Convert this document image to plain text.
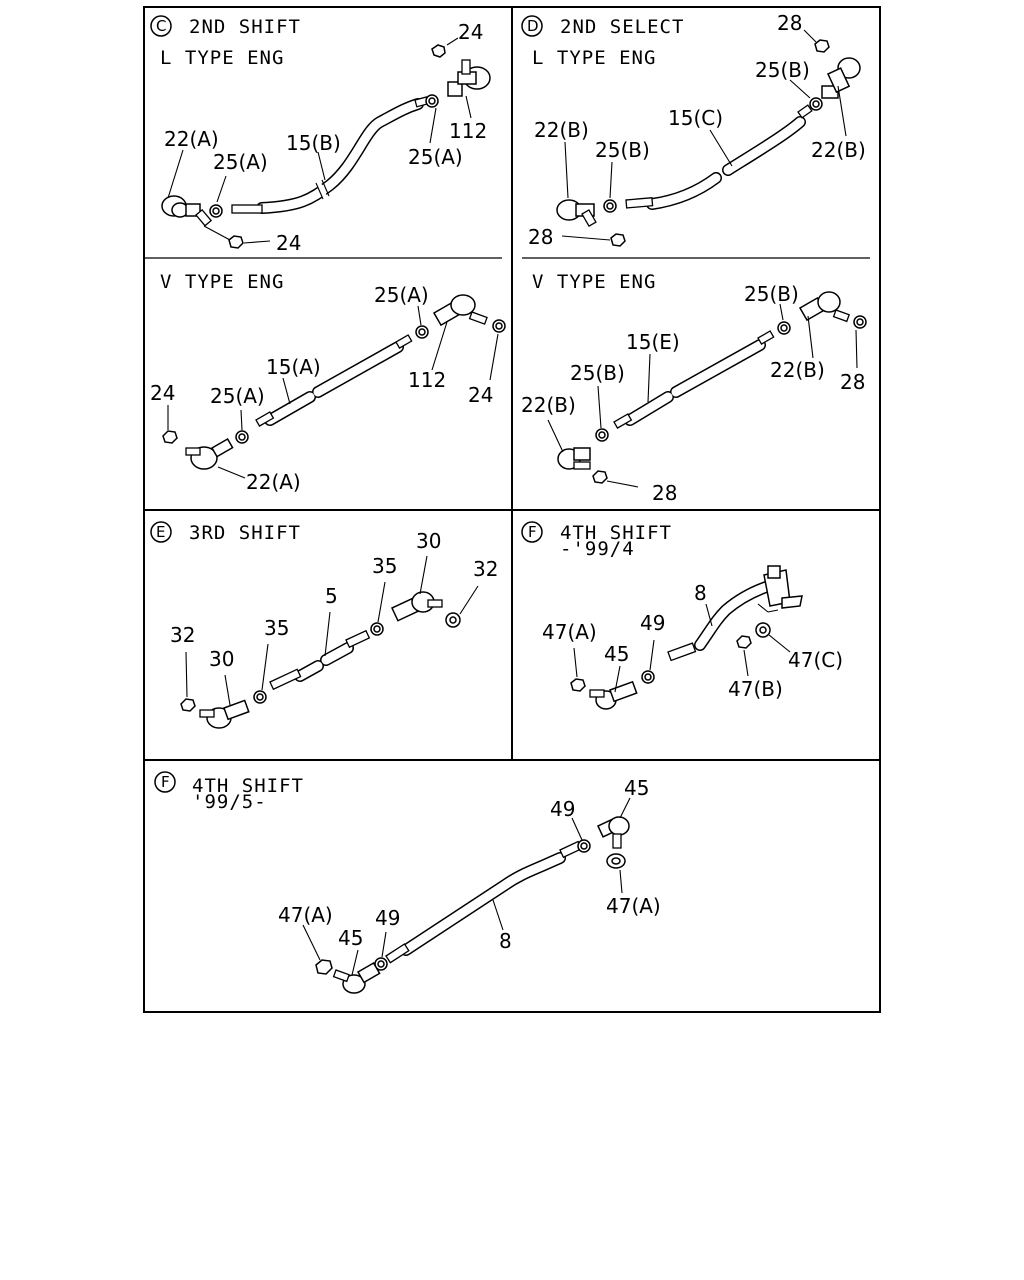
C 2ND SHIFT
L TYPE ENG
24
112
25(A)
15(B)
22(A)
25(A)
24
V TYPE ENG
25(A)
15(A)
112
24
24 25(A)
22(A)
D 2ND SELECT
L TYPE ENG
28
25(B)
22(B)
15(C)
22(B)
25(B)
28
V TYPE ENG	25(B)
15(E)
25(B)	22(B) 28
22(B)
28
E 3RD SHIFT	30
32
35
5
35
32
30
F 4TH SHIFT
-'99/4
8
47(A) 49
45	47(C)
47(B)
F 4TH SHIFT
'99/5-	49
45
47(A)
8
47(A)
45
49
